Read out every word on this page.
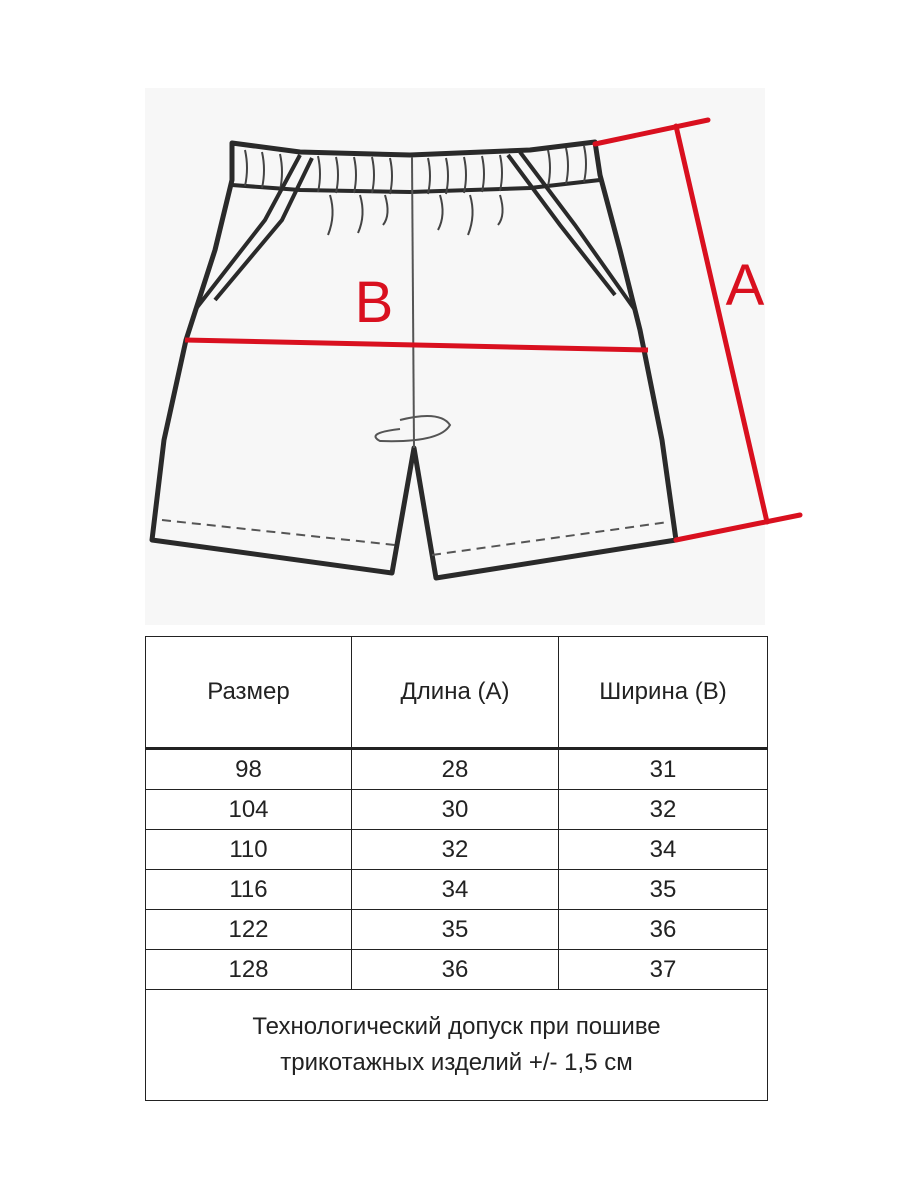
B	A
Размер	Длина (А)	Ширина (В)
98	28	31
104	30	32
110	32	34
116	34	35
122	35	36
128	36	37

Технологический допуск при пошиве
трикотажных изделий +/- 1,5 см		
